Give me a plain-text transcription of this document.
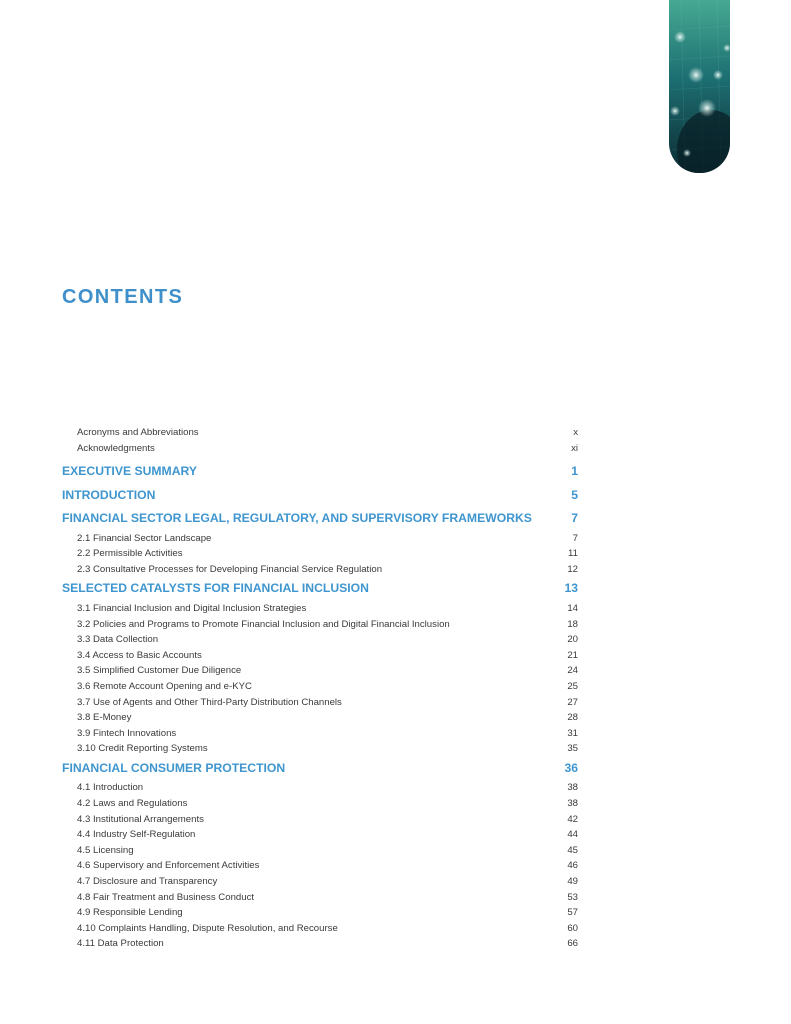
CONTENTS
Acronyms and Abbreviations	x
Acknowledgments	xi
EXECUTIVE SUMMARY	1
INTRODUCTION	5
FINANCIAL SECTOR LEGAL, REGULATORY, AND SUPERVISORY FRAMEWORKS	7
2.1 Financial Sector Landscape	7
2.2 Permissible Activities	11
2.3 Consultative Processes for Developing Financial Service Regulation	12
SELECTED CATALYSTS FOR FINANCIAL INCLUSION	13
3.1 Financial Inclusion and Digital Inclusion Strategies	14
3.2 Policies and Programs to Promote Financial Inclusion and Digital Financial Inclusion	18
3.3 Data Collection	20
3.4 Access to Basic Accounts	21
3.5 Simplified Customer Due Diligence	24
3.6 Remote Account Opening and e-KYC	25
3.7 Use of Agents and Other Third-Party Distribution Channels	27
3.8 E-Money	28
3.9 Fintech Innovations	31
3.10 Credit Reporting Systems	35
FINANCIAL CONSUMER PROTECTION	36
4.1 Introduction	38
4.2 Laws and Regulations	38
4.3 Institutional Arrangements	42
4.4 Industry Self-Regulation	44
4.5 Licensing	45
4.6 Supervisory and Enforcement Activities	46
4.7 Disclosure and Transparency	49
4.8 Fair Treatment and Business Conduct	53
4.9 Responsible Lending	57
4.10 Complaints Handling, Dispute Resolution, and Recourse	60
4.11 Data Protection	66
